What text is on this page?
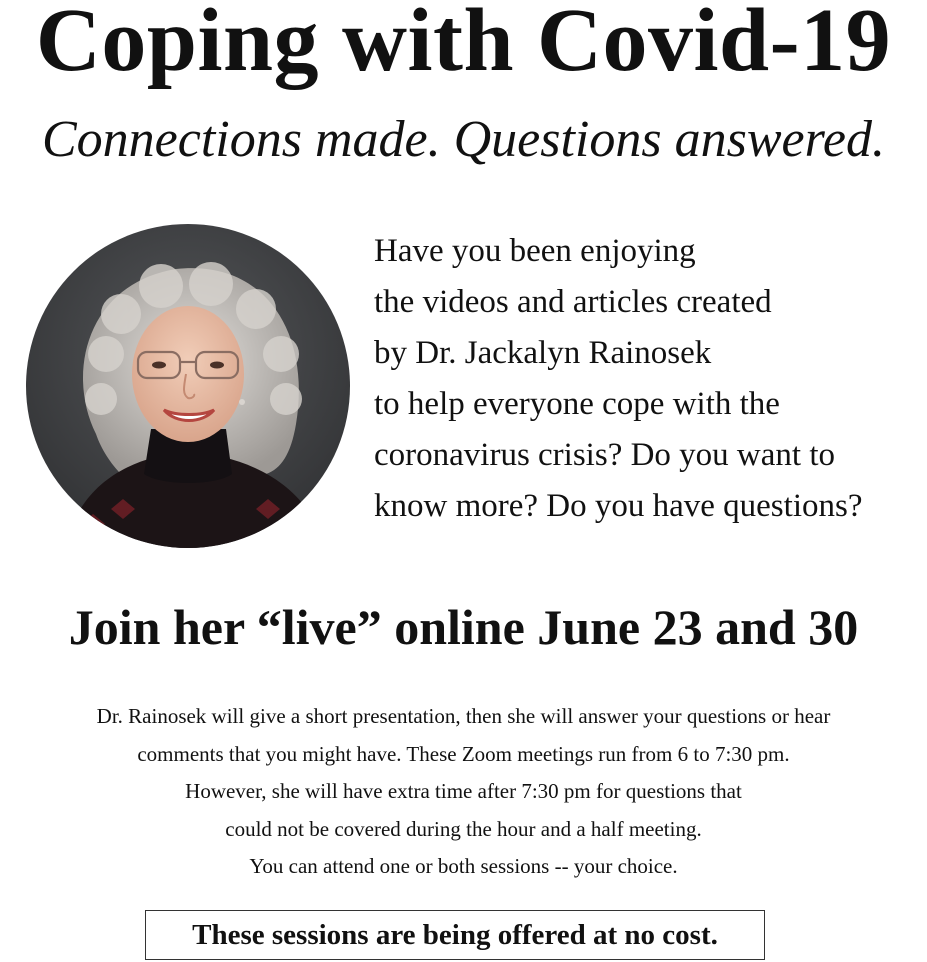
Coping with Covid-19
Connections made. Questions answered.
Have you been enjoying
the videos and articles created
by Dr. Jackalyn Rainosek
to help everyone cope with the
coronavirus crisis? Do you want to
know more? Do you have questions?
Join her “live” online June 23 and 30
Dr. Rainosek will give a short presentation, then she will answer your questions or hear
comments that you might have. These Zoom meetings run from 6 to 7:30 pm.
However, she will have extra time after 7:30 pm for questions that
could not be covered during the hour and a half meeting.
You can attend one or both sessions -- your choice.
These sessions are being offered at no cost.
